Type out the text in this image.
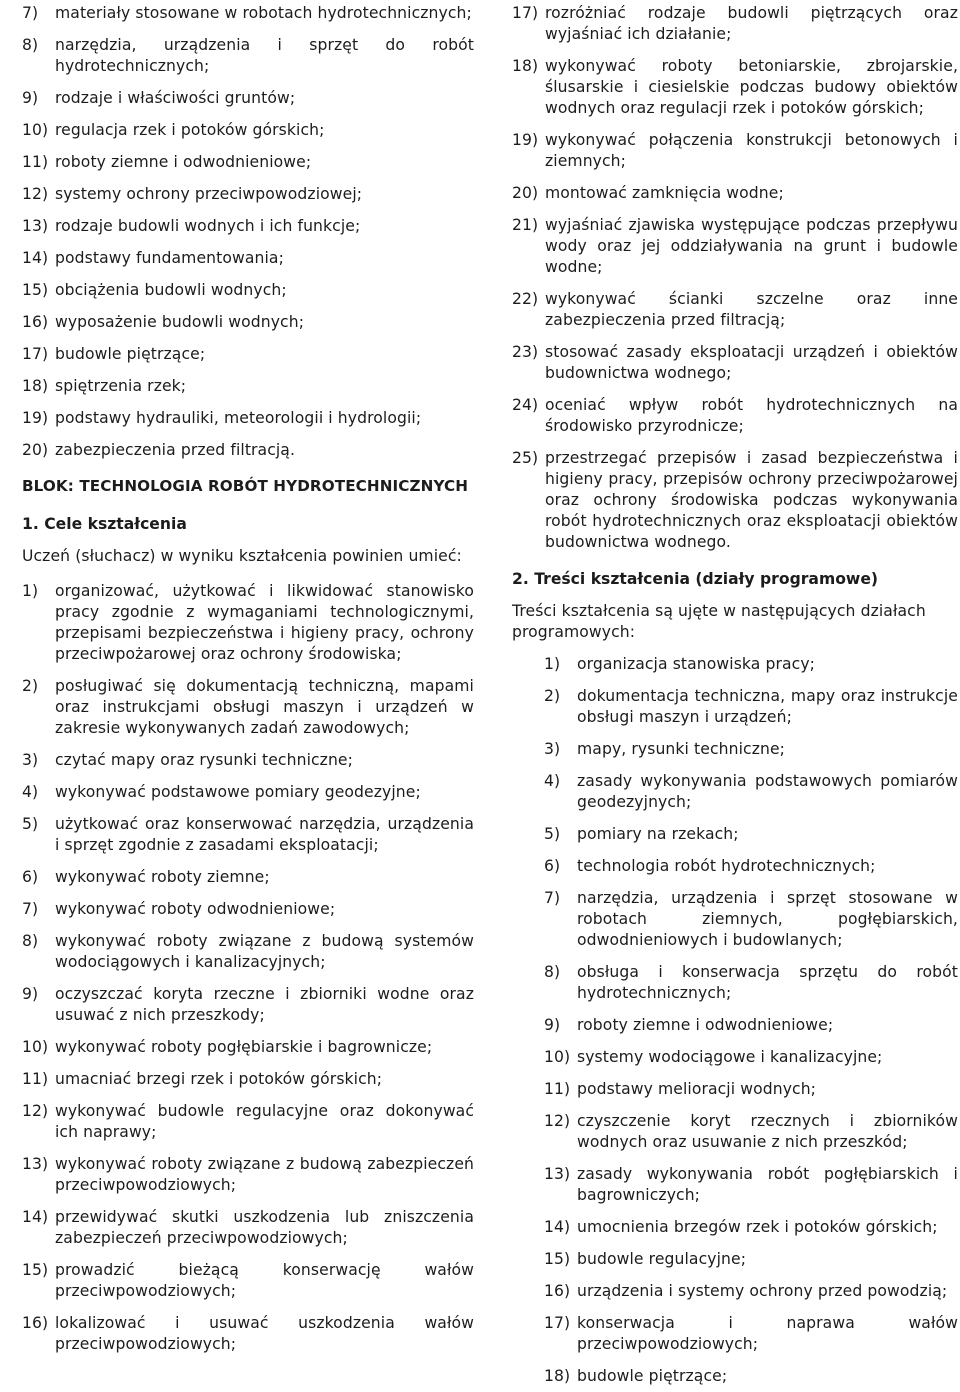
7) materiały stosowane w robotach hydrotechnicznych;
8) narzędzia, urządzenia i sprzęt do robót hydrotechnicznych;
9) rodzaje i właściwości gruntów;
10) regulacja rzek i potoków górskich;
11) roboty ziemne i odwodnieniowe;
12) systemy ochrony przeciwpowodziowej;
13) rodzaje budowli wodnych i ich funkcje;
14) podstawy fundamentowania;
15) obciążenia budowli wodnych;
16) wyposażenie budowli wodnych;
17) budowle piętrzące;
18) spiętrzenia rzek;
19) podstawy hydrauliki, meteorologii i hydrologii;
20) zabezpieczenia przed filtracją.
BLOK: TECHNOLOGIA ROBÓT HYDROTECHNICZNYCH
1. Cele kształcenia
Uczeń (słuchacz) w wyniku kształcenia powinien umieć:
1) organizować, użytkować i likwidować stanowisko pracy zgodnie z wymaganiami technologicznymi, przepisami bezpieczeństwa i higieny pracy, ochrony przeciwpożarowej oraz ochrony środowiska;
2) posługiwać się dokumentacją techniczną, mapami oraz instrukcjami obsługi maszyn i urządzeń w zakresie wykonywanych zadań zawodowych;
3) czytać mapy oraz rysunki techniczne;
4) wykonywać podstawowe pomiary geodezyjne;
5) użytkować oraz konserwować narzędzia, urządzenia i sprzęt zgodnie z zasadami eksploatacji;
6) wykonywać roboty ziemne;
7) wykonywać roboty odwodnieniowe;
8) wykonywać roboty związane z budową systemów wodociągowych i kanalizacyjnych;
9) oczyszczać koryta rzeczne i zbiorniki wodne oraz usuwać z nich przeszkody;
10) wykonywać roboty pogłębiarskie i bagrownicze;
11) umacniać brzegi rzek i potoków górskich;
12) wykonywać budowle regulacyjne oraz dokonywać ich naprawy;
13) wykonywać roboty związane z budową zabezpieczeń przeciwpowodziowych;
14) przewidywać skutki uszkodzenia lub zniszczenia zabezpieczeń przeciwpowodziowych;
15) prowadzić bieżącą konserwację wałów przeciwpowodziowych;
16) lokalizować i usuwać uszkodzenia wałów przeciwpowodziowych;
17) rozróżniać rodzaje budowli piętrzących oraz wyjaśniać ich działanie;
18) wykonywać roboty betoniarskie, zbrojarskie, ślusarskie i ciesielskie podczas budowy obiektów wodnych oraz regulacji rzek i potoków górskich;
19) wykonywać połączenia konstrukcji betonowych i ziemnych;
20) montować zamknięcia wodne;
21) wyjaśniać zjawiska występujące podczas przepływu wody oraz jej oddziaływania na grunt i budowle wodne;
22) wykonywać ścianki szczelne oraz inne zabezpieczenia przed filtracją;
23) stosować zasady eksploatacji urządzeń i obiektów budownictwa wodnego;
24) oceniać wpływ robót hydrotechnicznych na środowisko przyrodnicze;
25) przestrzegać przepisów i zasad bezpieczeństwa i higieny pracy, przepisów ochrony przeciwpożarowej oraz ochrony środowiska podczas wykonywania robót hydrotechnicznych oraz eksploatacji obiektów budownictwa wodnego.
2. Treści kształcenia (działy programowe)
Treści kształcenia są ujęte w następujących działach programowych:
1) organizacja stanowiska pracy;
2) dokumentacja techniczna, mapy oraz instrukcje obsługi maszyn i urządzeń;
3) mapy, rysunki techniczne;
4) zasady wykonywania podstawowych pomiarów geodezyjnych;
5) pomiary na rzekach;
6) technologia robót hydrotechnicznych;
7) narzędzia, urządzenia i sprzęt stosowane w robotach ziemnych, pogłębiarskich, odwodnieniowych i budowlanych;
8) obsługa i konserwacja sprzętu do robót hydrotechnicznych;
9) roboty ziemne i odwodnieniowe;
10) systemy wodociągowe i kanalizacyjne;
11) podstawy melioracji wodnych;
12) czyszczenie koryt rzecznych i zbiorników wodnych oraz usuwanie z nich przeszkód;
13) zasady wykonywania robót pogłębiarskich i bagrowniczych;
14) umocnienia brzegów rzek i potoków górskich;
15) budowle regulacyjne;
16) urządzenia i systemy ochrony przed powodzią;
17) konserwacja i naprawa wałów przeciwpowodziowych;
18) budowle piętrzące;
